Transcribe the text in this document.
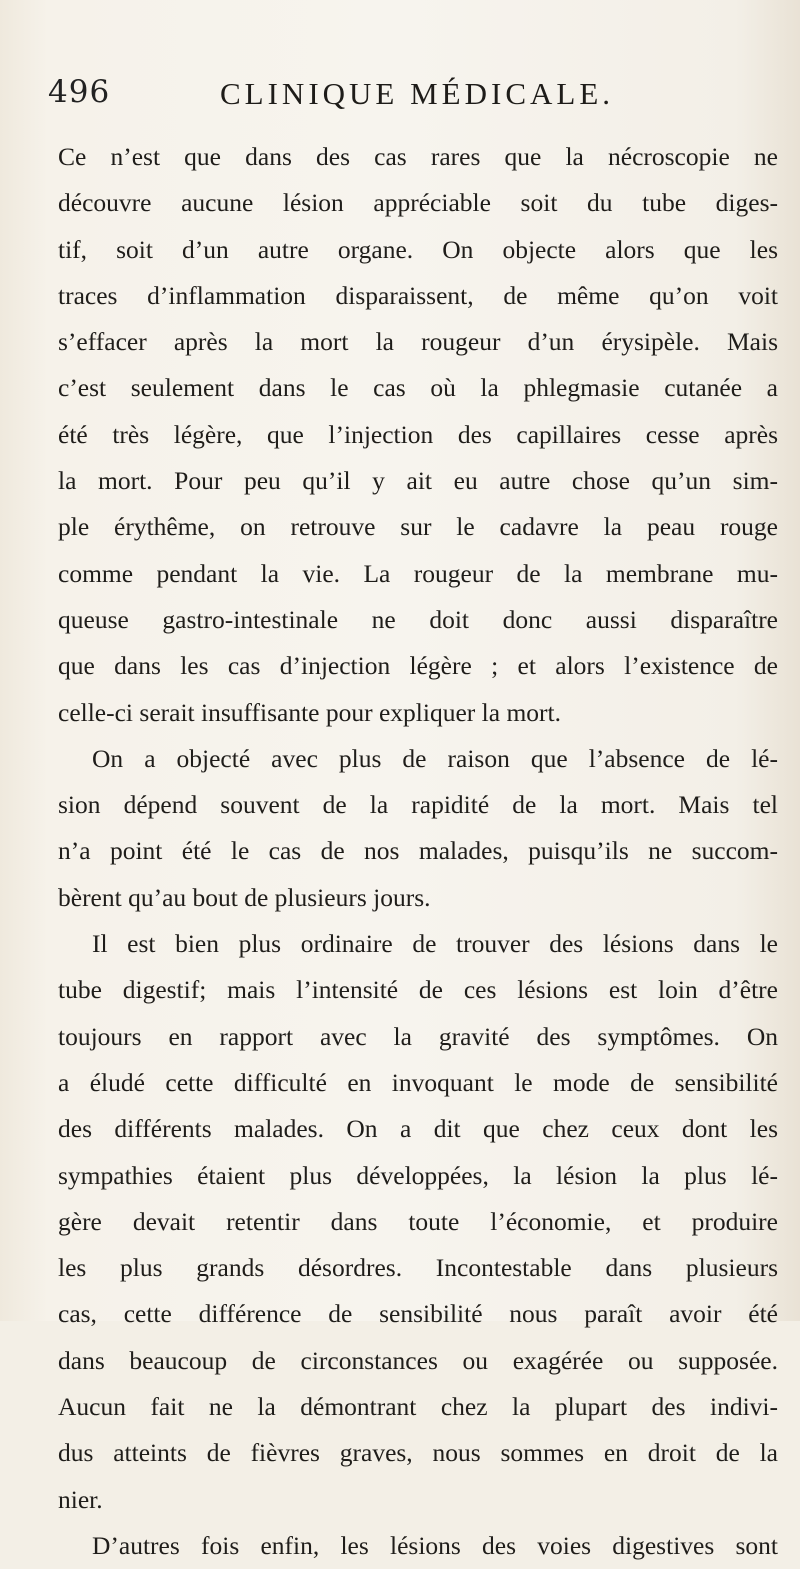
496	CLINIQUE MÉDICALE.
Ce n’est que dans des cas rares que la nécroscopie ne
découvre aucune lésion appréciable soit du tube diges-
tif, soit d’un autre organe. On objecte alors que les
traces d’inflammation disparaissent, de même qu’on voit
s’effacer après la mort la rougeur d’un érysipèle. Mais
c’est seulement dans le cas où la phlegmasie cutanée a
été très légère, que l’injection des capillaires cesse après
la mort. Pour peu qu’il y ait eu autre chose qu’un sim-
ple érythême, on retrouve sur le cadavre la peau rouge
comme pendant la vie. La rougeur de la membrane mu-
queuse gastro-intestinale ne doit donc aussi disparaître
que dans les cas d’injection légère ; et alors l’existence de
celle-ci serait insuffisante pour expliquer la mort.
On a objecté avec plus de raison que l’absence de lé-
sion dépend souvent de la rapidité de la mort. Mais tel
n’a point été le cas de nos malades, puisqu’ils ne succom-
bèrent qu’au bout de plusieurs jours.
Il est bien plus ordinaire de trouver des lésions dans le
tube digestif; mais l’intensité de ces lésions est loin d’être
toujours en rapport avec la gravité des symptômes. On
a éludé cette difficulté en invoquant le mode de sensibilité
des différents malades. On a dit que chez ceux dont les
sympathies étaient plus développées, la lésion la plus lé-
gère devait retentir dans toute l’économie, et produire
les plus grands désordres. Incontestable dans plusieurs
cas, cette différence de sensibilité nous paraît avoir été
dans beaucoup de circonstances ou exagérée ou supposée.
Aucun fait ne la démontrant chez la plupart des indivi-
dus atteints de fièvres graves, nous sommes en droit de la
nier.
D’autres fois enfin, les lésions des voies digestives sont
